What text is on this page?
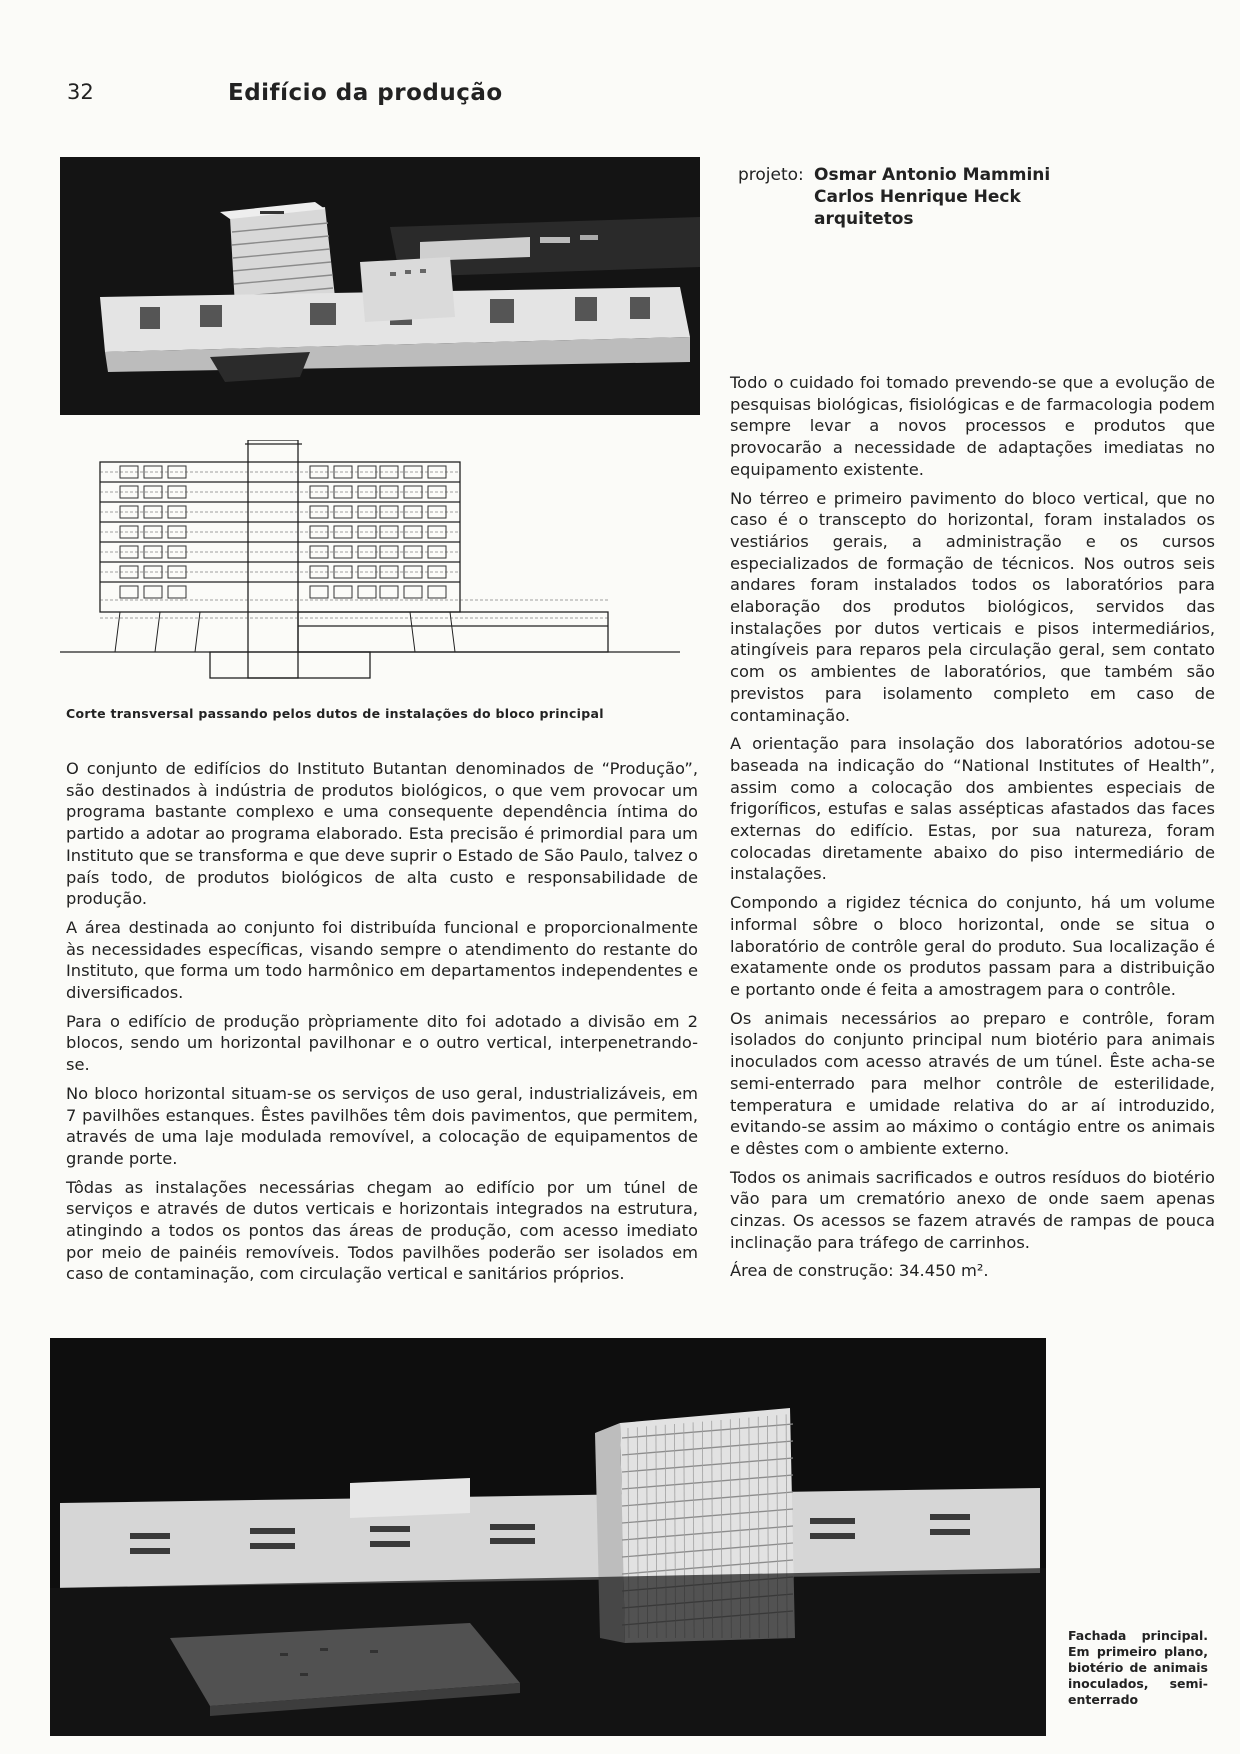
32	Edifício da produção
Corte transversal passando pelos dutos de instalações do bloco principal
projeto: Osmar Antonio Mammini
Carlos Henrique Heck
arquitetos

O conjunto de edifícios do Instituto Butantan denominados de “Produção”, são destinados à indústria de produtos biológicos, o que vem provocar um programa bastante complexo e uma consequente dependência íntima do partido a adotar ao programa elaborado. Esta precisão é primordial para um Instituto que se transforma e que deve suprir o Estado de São Paulo, talvez o país todo, de produtos biológicos de alta custo e responsabilidade de produção.

A área destinada ao conjunto foi distribuída funcional e proporcionalmente às necessidades específicas, visando sempre o atendimento do restante do Instituto, que forma um todo harmônico em departamentos independentes e diversificados.

Para o edifício de produção pròpriamente dito foi adotado a divisão em 2 blocos, sendo um horizontal pavilhonar e o outro vertical, interpenetrando-se.

No bloco horizontal situam-se os serviços de uso geral, industrializáveis, em 7 pavilhões estanques. Êstes pavilhões têm dois pavimentos, que permitem, através de uma laje modulada removível, a colocação de equipamentos de grande porte.

Tôdas as instalações necessárias chegam ao edifício por um túnel de serviços e através de dutos verticais e horizontais integrados na estrutura, atingindo a todos os pontos das áreas de produção, com acesso imediato por meio de painéis removíveis. Todos pavilhões poderão ser isolados em caso de contaminação, com circulação vertical e sanitários próprios.

Todo o cuidado foi tomado prevendo-se que a evolução de pesquisas biológicas, fisiológicas e de farmacologia podem sempre levar a novos processos e produtos que provocarão a necessidade de adaptações imediatas no equipamento existente.

No térreo e primeiro pavimento do bloco vertical, que no caso é o transcepto do horizontal, foram instalados os vestiários gerais, a administração e os cursos especializados de formação de técnicos. Nos outros seis andares foram instalados todos os laboratórios para elaboração dos produtos biológicos, servidos das instalações por dutos verticais e pisos intermediários, atingíveis para reparos pela circulação geral, sem contato com os ambientes de laboratórios, que também são previstos para isolamento completo em caso de contaminação.

A orientação para insolação dos laboratórios adotou-se baseada na indicação do “National Institutes of Health”, assim como a colocação dos ambientes especiais de frigoríficos, estufas e salas assépticas afastados das faces externas do edifício. Estas, por sua natureza, foram colocadas diretamente abaixo do piso intermediário de instalações.

Compondo a rigidez técnica do conjunto, há um volume informal sôbre o bloco horizontal, onde se situa o laboratório de contrôle geral do produto. Sua localização é exatamente onde os produtos passam para a distribuição e portanto onde é feita a amostragem para o contrôle.

Os animais necessários ao preparo e contrôle, foram isolados do conjunto principal num biotério para animais inoculados com acesso através de um túnel. Êste acha-se semi-enterrado para melhor contrôle de esterilidade, temperatura e umidade relativa do ar aí introduzido, evitando-se assim ao máximo o contágio entre os animais e dêstes com o ambiente externo.

Todos os animais sacrificados e outros resíduos do biotério vão para um crematório anexo de onde saem apenas cinzas. Os acessos se fazem através de rampas de pouca inclinação para tráfego de carrinhos.

Área de construção: 34.450 m².

Fachada principal. Em primeiro plano, biotério de animais inoculados, semi-enterrado
